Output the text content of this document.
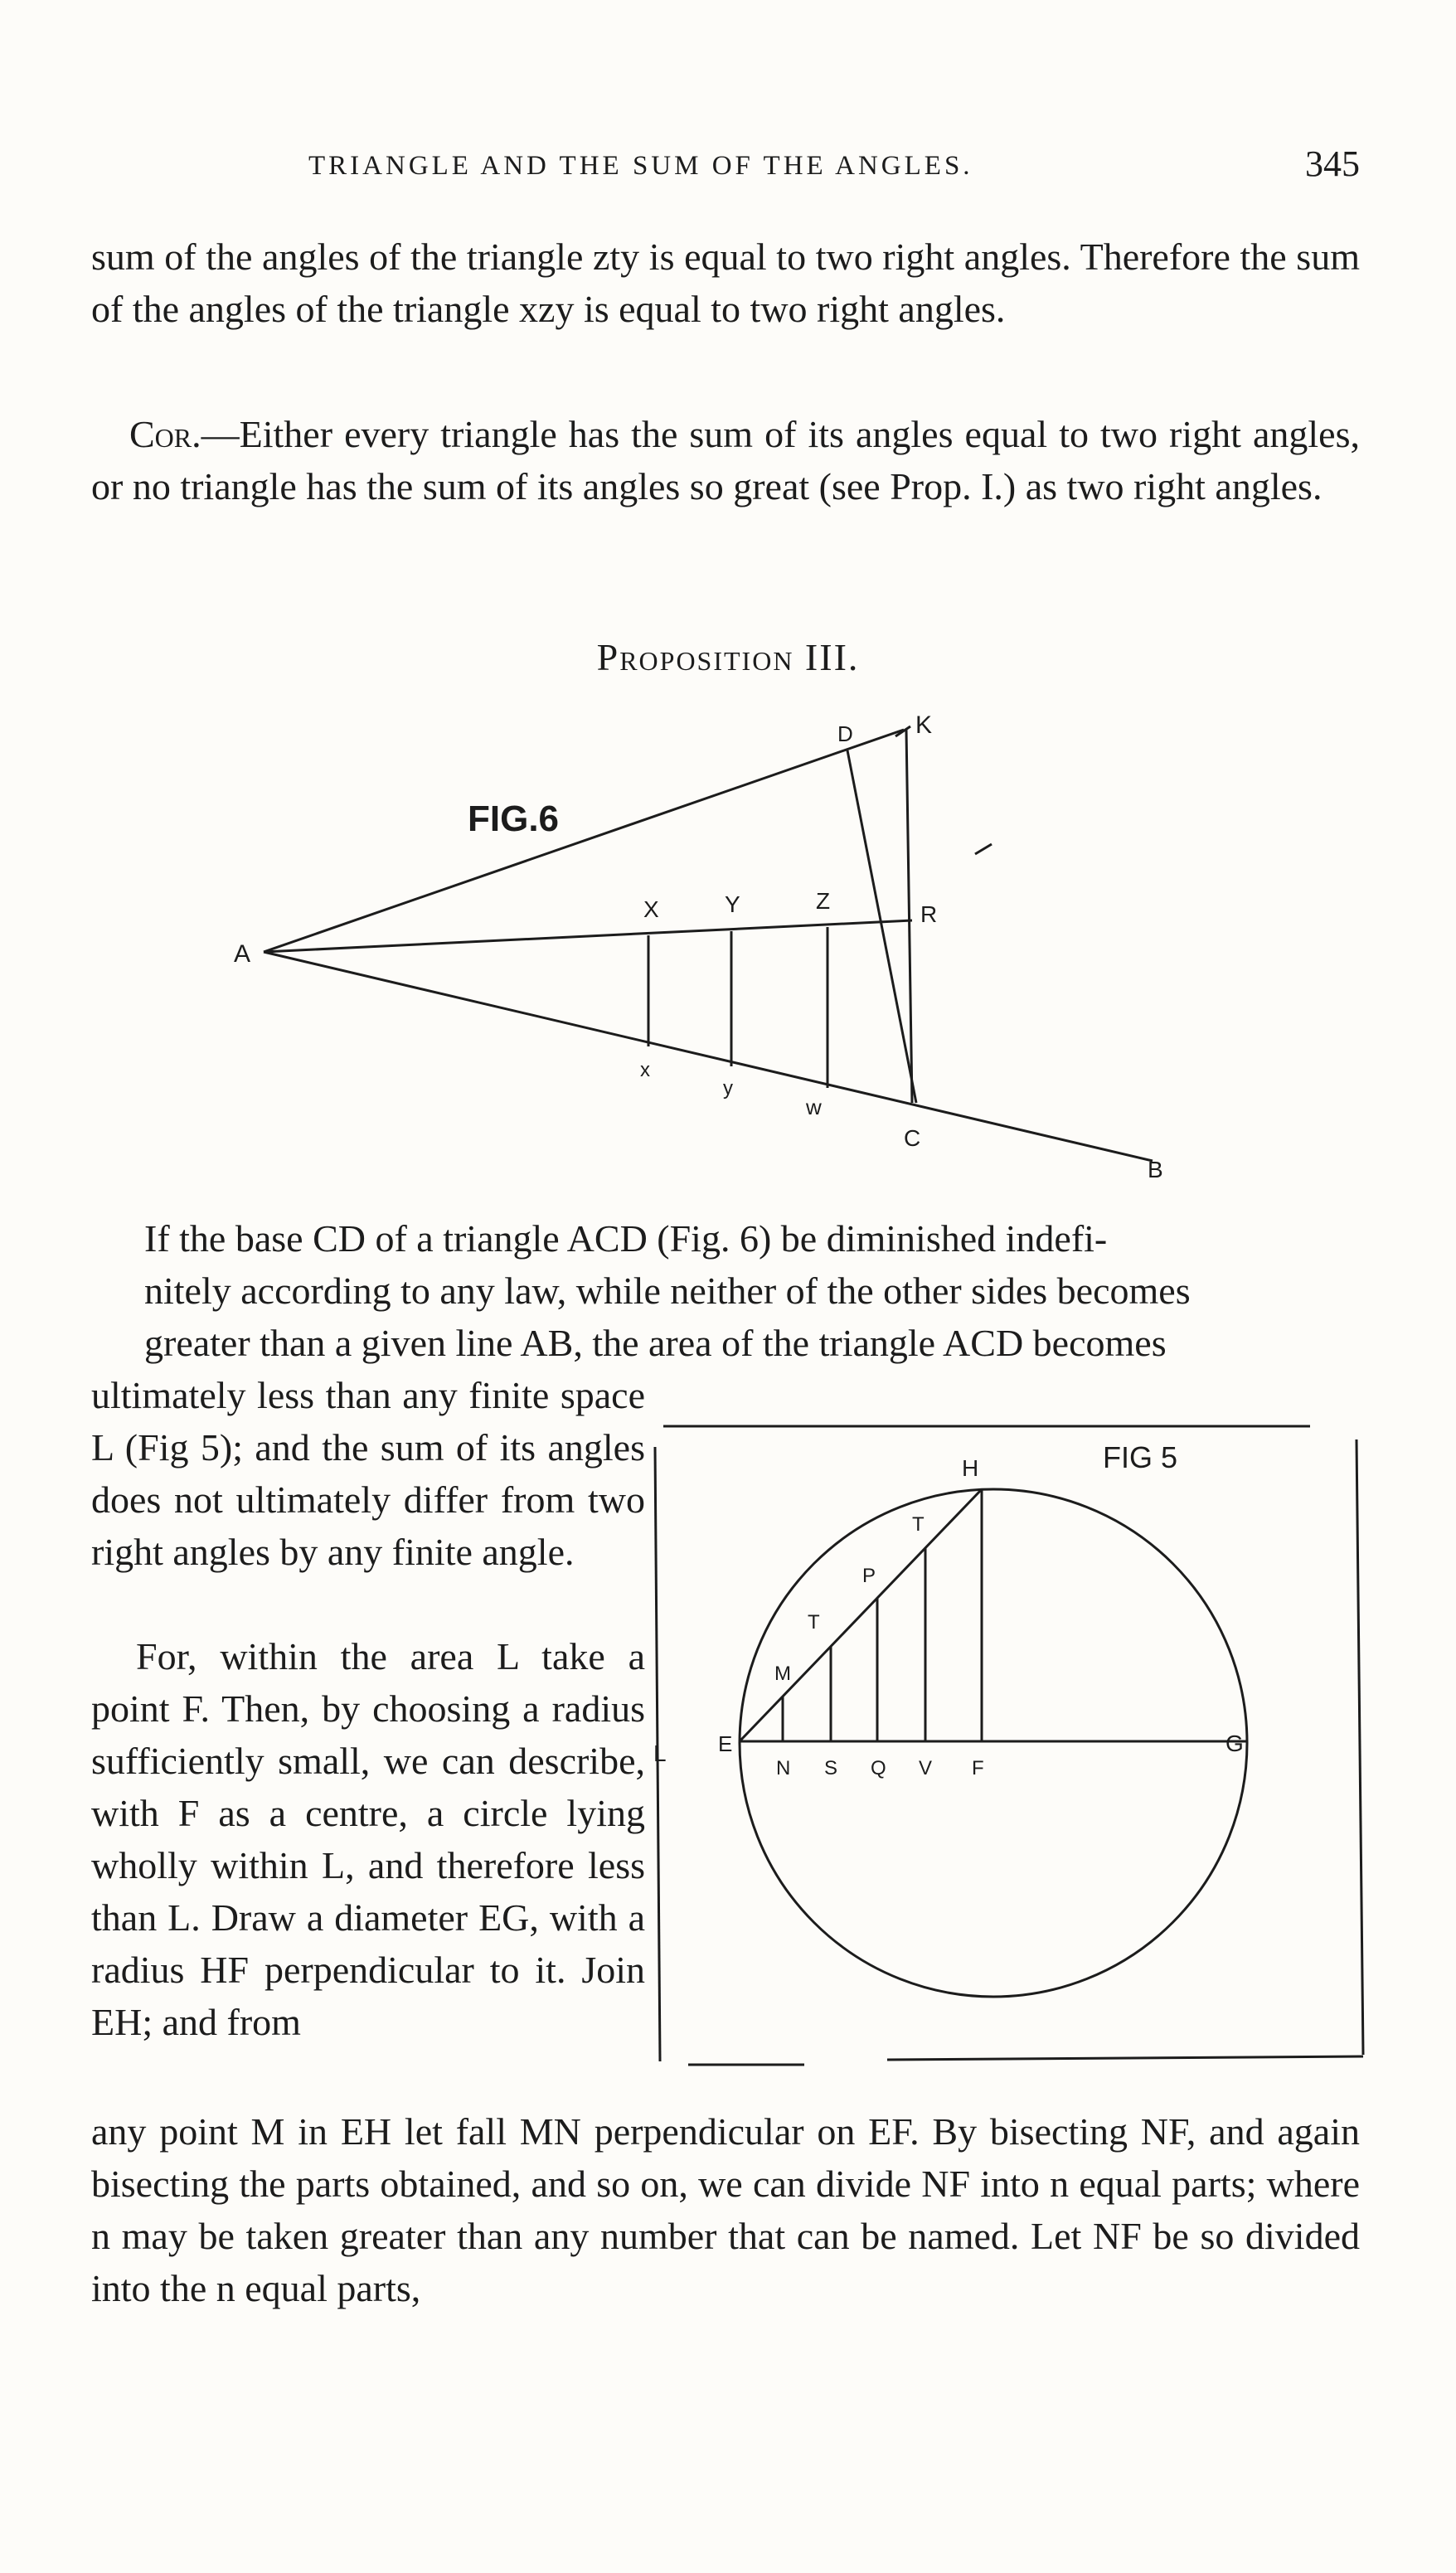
TRIANGLE AND THE SUM OF THE ANGLES.	345

sum of the angles of the triangle zty is equal to two right angles. Therefore the sum of the angles of the triangle xzy is equal to two right angles.

Cor.—Either every triangle has the sum of its angles equal to two right angles, or no triangle has the sum of its angles so great (see Prop. I.) as two right angles.

Proposition III.
FIG.6
A
B
C
D	K
R
X	Y	Z
x
y
w

If the base CD of a triangle ACD (Fig. 6) be diminished indefi-
nitely according to any law, while neither of the other sides becomes
greater than a given line AB, the area of the triangle ACD becomes

ultimately less than any finite space L (Fig 5); and the sum of its angles does not ultimately differ from two right angles by any finite angle.

For, within the area L take a point F. Then, by choosing a radius sufficiently small, we can describe, with F as a centre, a circle lying wholly within L, and therefore less than L. Draw a diameter EG, with a radius HF perpendicular to it. Join EH; and from

FIG 5
H
E	G
L
N S Q V F
M
T
P
T

any point M in EH let fall MN perpendicular on EF. By bisecting NF, and again bisecting the parts obtained, and so on, we can divide NF into n equal parts; where n may be taken greater than any number that can be named. Let NF be so divided into the n equal parts,
